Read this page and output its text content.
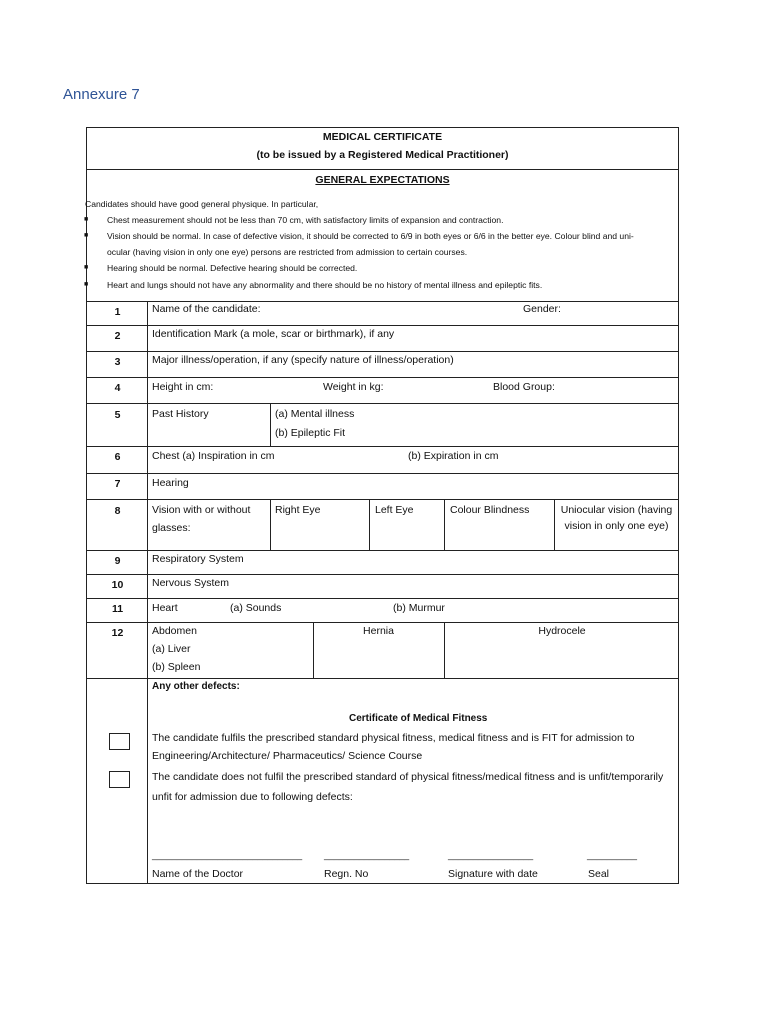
Annexure 7
MEDICAL CERTIFICATE
(to be issued by a Registered Medical Practitioner)
GENERAL EXPECTATIONS
Candidates should have good general physique. In particular,
■ Chest measurement should not be less than 70 cm, with satisfactory limits of expansion and contraction.
■ Vision should be normal. In case of defective vision, it should be corrected to 6/9 in both eyes or 6/6 in the better eye. Colour blind and uni-
ocular (having vision in only one eye) persons are restricted from admission to certain courses.
■ Hearing should be normal. Defective hearing should be corrected.
■ Heart and lungs should not have any abnormality and there should be no history of mental illness and epileptic fits.
1	Name of the candidate:	Gender:
2	Identification Mark (a mole, scar or birthmark), if any
3	Major illness/operation, if any (specify nature of illness/operation)
4	Height in cm:	Weight in kg:	Blood Group:
5	Past History	(a) Mental illness
(b) Epileptic Fit
6	Chest (a) Inspiration in cm	(b) Expiration in cm
7	Hearing
8	Vision with or without
glasses:
Right Eye	Left Eye	Colour Blindness	Uniocular vision (having
vision in only one eye)
9	Respiratory System
10	Nervous System
11	Heart	(a) Sounds	(b) Murmur
12	Abdomen
(a) Liver
(b) Spleen
Hernia	Hydrocele
Any other defects:
Certificate of Medical Fitness
The candidate fulfils the prescribed standard physical fitness, medical fitness and is FIT for admission to
Engineering/Architecture/ Pharmaceutics/ Science Course
The candidate does not fulfil the prescribed standard of physical fitness/medical fitness and is unfit/temporarily
unfit for admission due to following defects:
______________________________ _________________	_________________	__________
Name of the Doctor	Regn. No	Signature with date	Seal
